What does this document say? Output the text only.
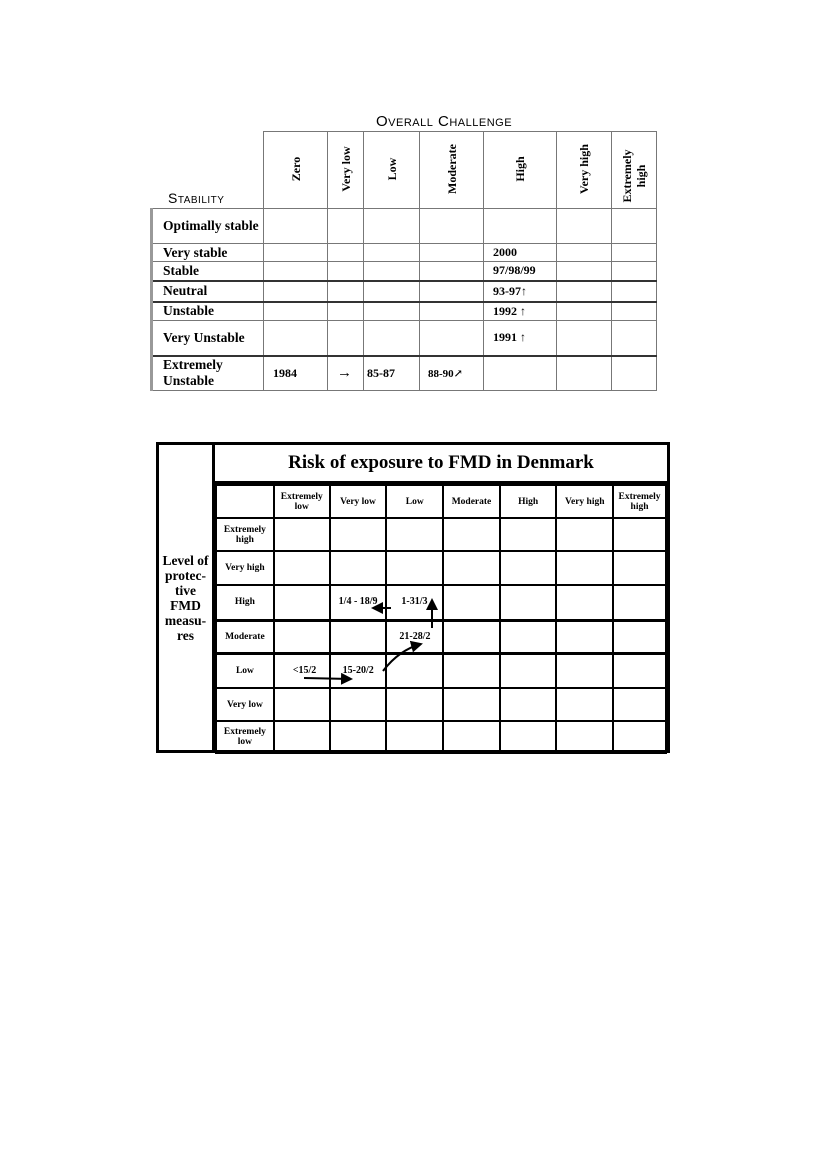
Overall Challenge
Stability

	Zero	Very low	Low	Moderate	High	Very high	Extremely high

Optimally stable							
Very stable					2000		
Stable					97/98/99		
Neutral					93-97↑		
Unstable					1992 ↑		
Very Unstable					1991 ↑		
Extremely Unstable	1984	→	85-87	88-90↗			
Level of protec-tive FMD measu-res
Risk of exposure to FMD in Denmark
	Extremely low	Very low	Low	Moderate	High	Very high	Extremely high
Extremely high							
Very high							
High		1/4 - 18/9	1-31/3				
Moderate			21-28/2				
Low	<15/2	15-20/2					
Very low							
Extremely low							
